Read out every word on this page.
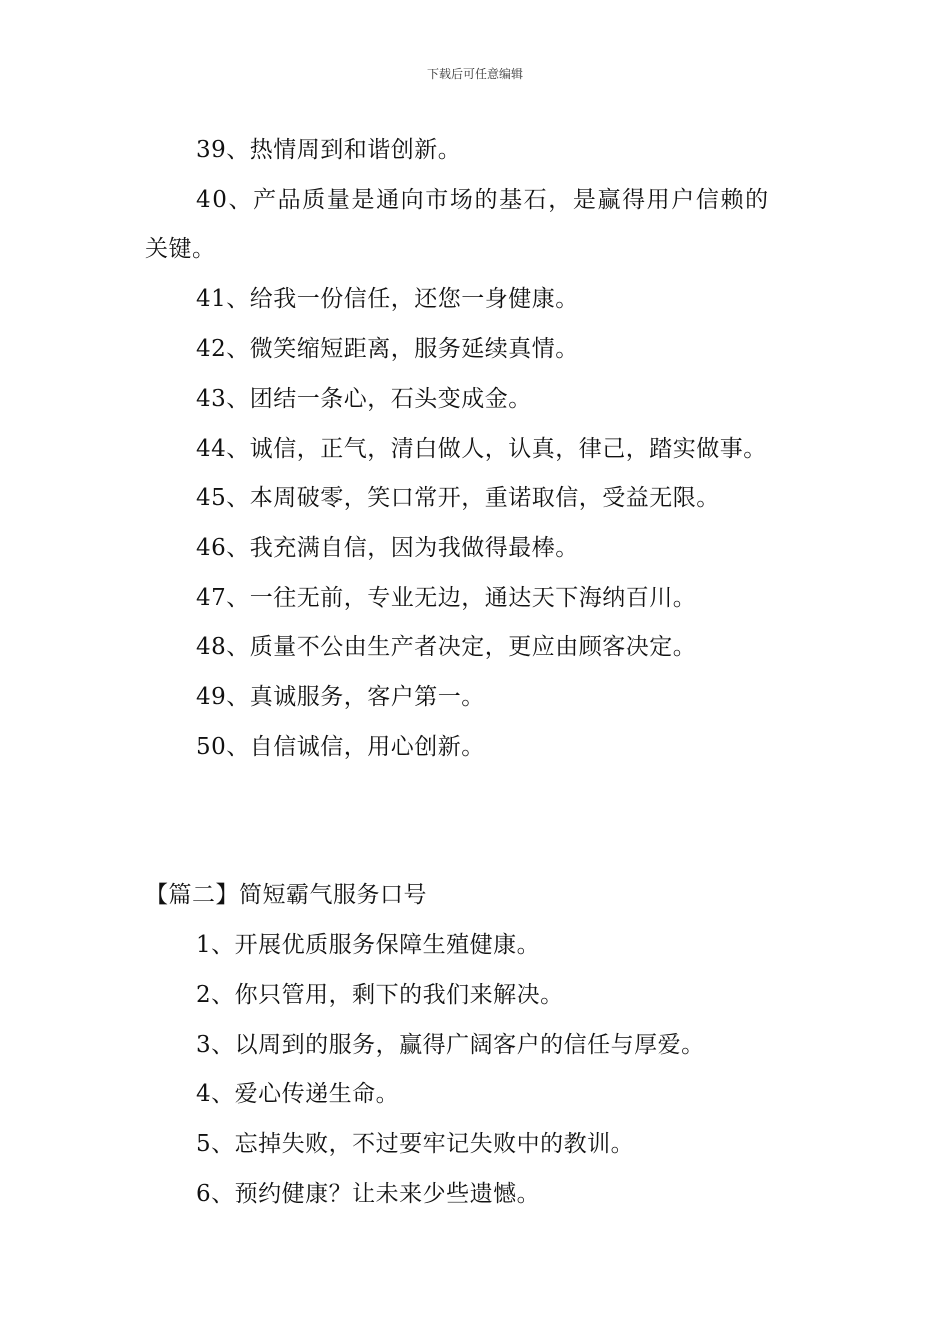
下载后可任意编辑
39、热情周到和谐创新。
40、产品质量是通向市场的基石，是赢得用户信赖的
关键。
41、给我一份信任，还您一身健康。
42、微笑缩短距离，服务延续真情。
43、团结一条心，石头变成金。
44、诚信，正气，清白做人，认真，律己，踏实做事。
45、本周破零，笑口常开，重诺取信，受益无限。
46、我充满自信，因为我做得最棒。
47、一往无前，专业无边，通达天下海纳百川。
48、质量不公由生产者决定，更应由顾客决定。
49、真诚服务，客户第一。
50、自信诚信，用心创新。
【篇二】简短霸气服务口号
1、开展优质服务保障生殖健康。
2、你只管用，剩下的我们来解决。
3、以周到的服务，赢得广阔客户的信任与厚爱。
4、爱心传递生命。
5、忘掉失败，不过要牢记失败中的教训。
6、预约健康？让未来少些遗憾。
